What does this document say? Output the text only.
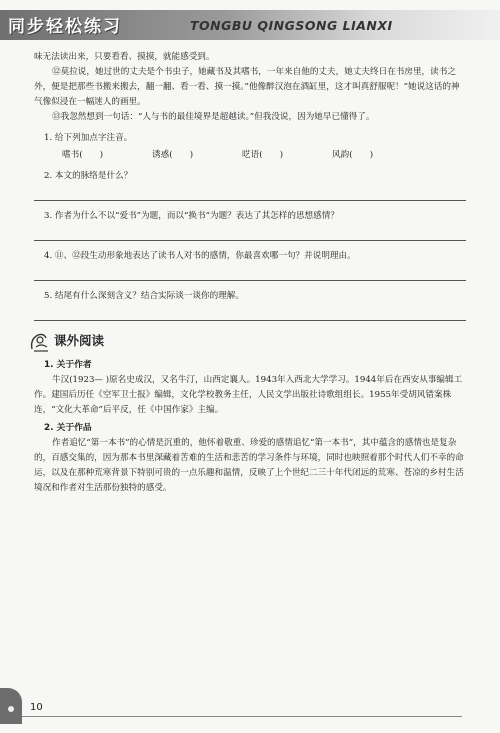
同步轻松练习	TONGBU QINGSONG LIANXI

味无法读出来，只要看看、摸摸，就能感受到。

⑫莫拉说，她过世的丈夫是个书虫子，她藏书及其嗜书，一年来自他的丈夫，她丈夫终日在书房里，读书之外，便是把那些书搬来搬去，翻一翻、看一看、摸一摸。”他像醉汉泡在酒缸里，这才叫真舒服呢！”她说这话的神气像似浸在一幅迷人的画里。

⑬我忽然想到一句话：“人与书的最佳境界是超越读。”但我没说，因为她早已懂得了。

1. 给下列加点字注音。

嗜书(　　)	诱惑(　　)	呓语(　　)	风韵(　　)

2. 本文的脉络是什么？

3. 作者为什么不以“爱书”为题，而以“换书”为题？表达了其怎样的思想感情？

4. ⑪、⑫段生动形象地表达了读书人对书的感情，你最喜欢哪一句？并说明理由。

5. 结尾有什么深刻含义？结合实际谈一谈你的理解。

课外阅读

1. 关于作者

牛汉(1923— )原名史成汉，又名牛汀，山西定襄人。1943年入西北大学学习。1944年后在西安从事编辑工作。建国后历任《空军卫士报》编辑，文化学校教务主任，人民文学出版社诗歌组组长。1955年受胡风错案株连，“文化大革命”后平反，任《中国作家》主编。

2. 关于作品

作者追忆“第一本书”的心情是沉重的，他怀着敬重、珍爱的感情追忆“第一本书”，其中蕴含的感情也是复杂的，百感交集的，因为那本书里深藏着苦难的生活和悲苦的学习条件与环境，同时也映照着那个时代人们不幸的命运，以及在那种荒寒背景下特别可贵的一点乐趣和温情，反映了上个世纪二三十年代闭远的荒寒、苍凉的乡村生活境况和作者对生活那份独特的感受。

10
